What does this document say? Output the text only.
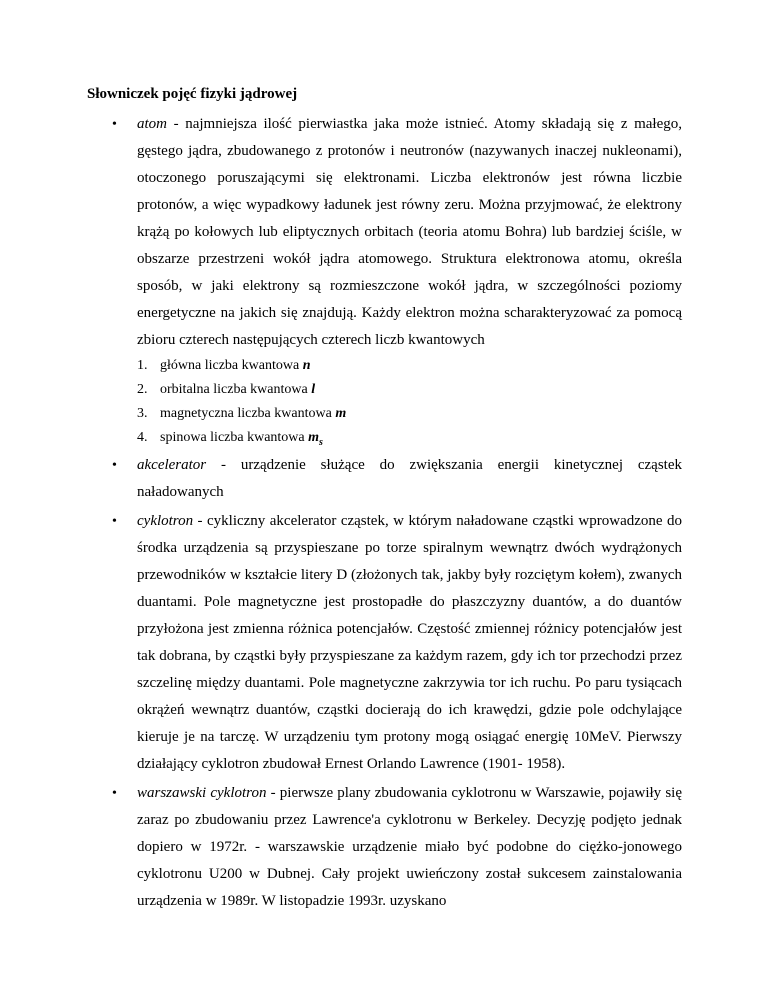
Słowniczek pojęć fizyki jądrowej
• atom - najmniejsza ilość pierwiastka jaka może istnieć. Atomy składają się z małego, gęstego jądra, zbudowanego z protonów i neutronów (nazywanych inaczej nukleonami), otoczonego poruszającymi się elektronami. Liczba elektronów jest równa liczbie protonów, a więc wypadkowy ładunek jest równy zeru. Można przyjmować, że elektrony krążą po kołowych lub eliptycznych orbitach (teoria atomu Bohra) lub bardziej ściśle, w obszarze przestrzeni wokół jądra atomowego. Struktura elektronowa atomu, określa sposób, w jaki elektrony są rozmieszczone wokół jądra, w szczególności poziomy energetyczne na jakich się znajdują. Każdy elektron można scharakteryzować za pomocą zbioru czterech następujących czterech liczb kwantowych
1. główna liczba kwantowa n
2. orbitalna liczba kwantowa l
3. magnetyczna liczba kwantowa m
4. spinowa liczba kwantowa $m_s$
• akcelerator - urządzenie służące do zwiększania energii kinetycznej cząstek naładowanych
• cyklotron - cykliczny akcelerator cząstek, w którym naładowane cząstki wprowadzone do środka urządzenia są przyspieszane po torze spiralnym wewnątrz dwóch wydrążonych przewodników w kształcie litery D (złożonych tak, jakby były rozciętym kołem), zwanych duantami. Pole magnetyczne jest prostopadłe do płaszczyzny duantów, a do duantów przyłożona jest zmienna różnica potencjałów. Częstość zmiennej różnicy potencjałów jest tak dobrana, by cząstki były przyspieszane za każdym razem, gdy ich tor przechodzi przez szczelinę między duantami. Pole magnetyczne zakrzywia tor ich ruchu. Po paru tysiącach okrążeń wewnątrz duantów, cząstki docierają do ich krawędzi, gdzie pole odchylające kieruje je na tarczę. W urządzeniu tym protony mogą osiągać energię 10MeV. Pierwszy działający cyklotron zbudował Ernest Orlando Lawrence (1901- 1958).
• warszawski cyklotron - pierwsze plany zbudowania cyklotronu w Warszawie, pojawiły się zaraz po zbudowaniu przez Lawrence'a cyklotronu w Berkeley. Decyzję podjęto jednak dopiero w 1972r. - warszawskie urządzenie miało być podobne do ciężko-jonowego cyklotronu U200 w Dubnej. Cały projekt uwieńczony został sukcesem zainstalowania urządzenia w 1989r. W listopadzie 1993r. uzyskano
